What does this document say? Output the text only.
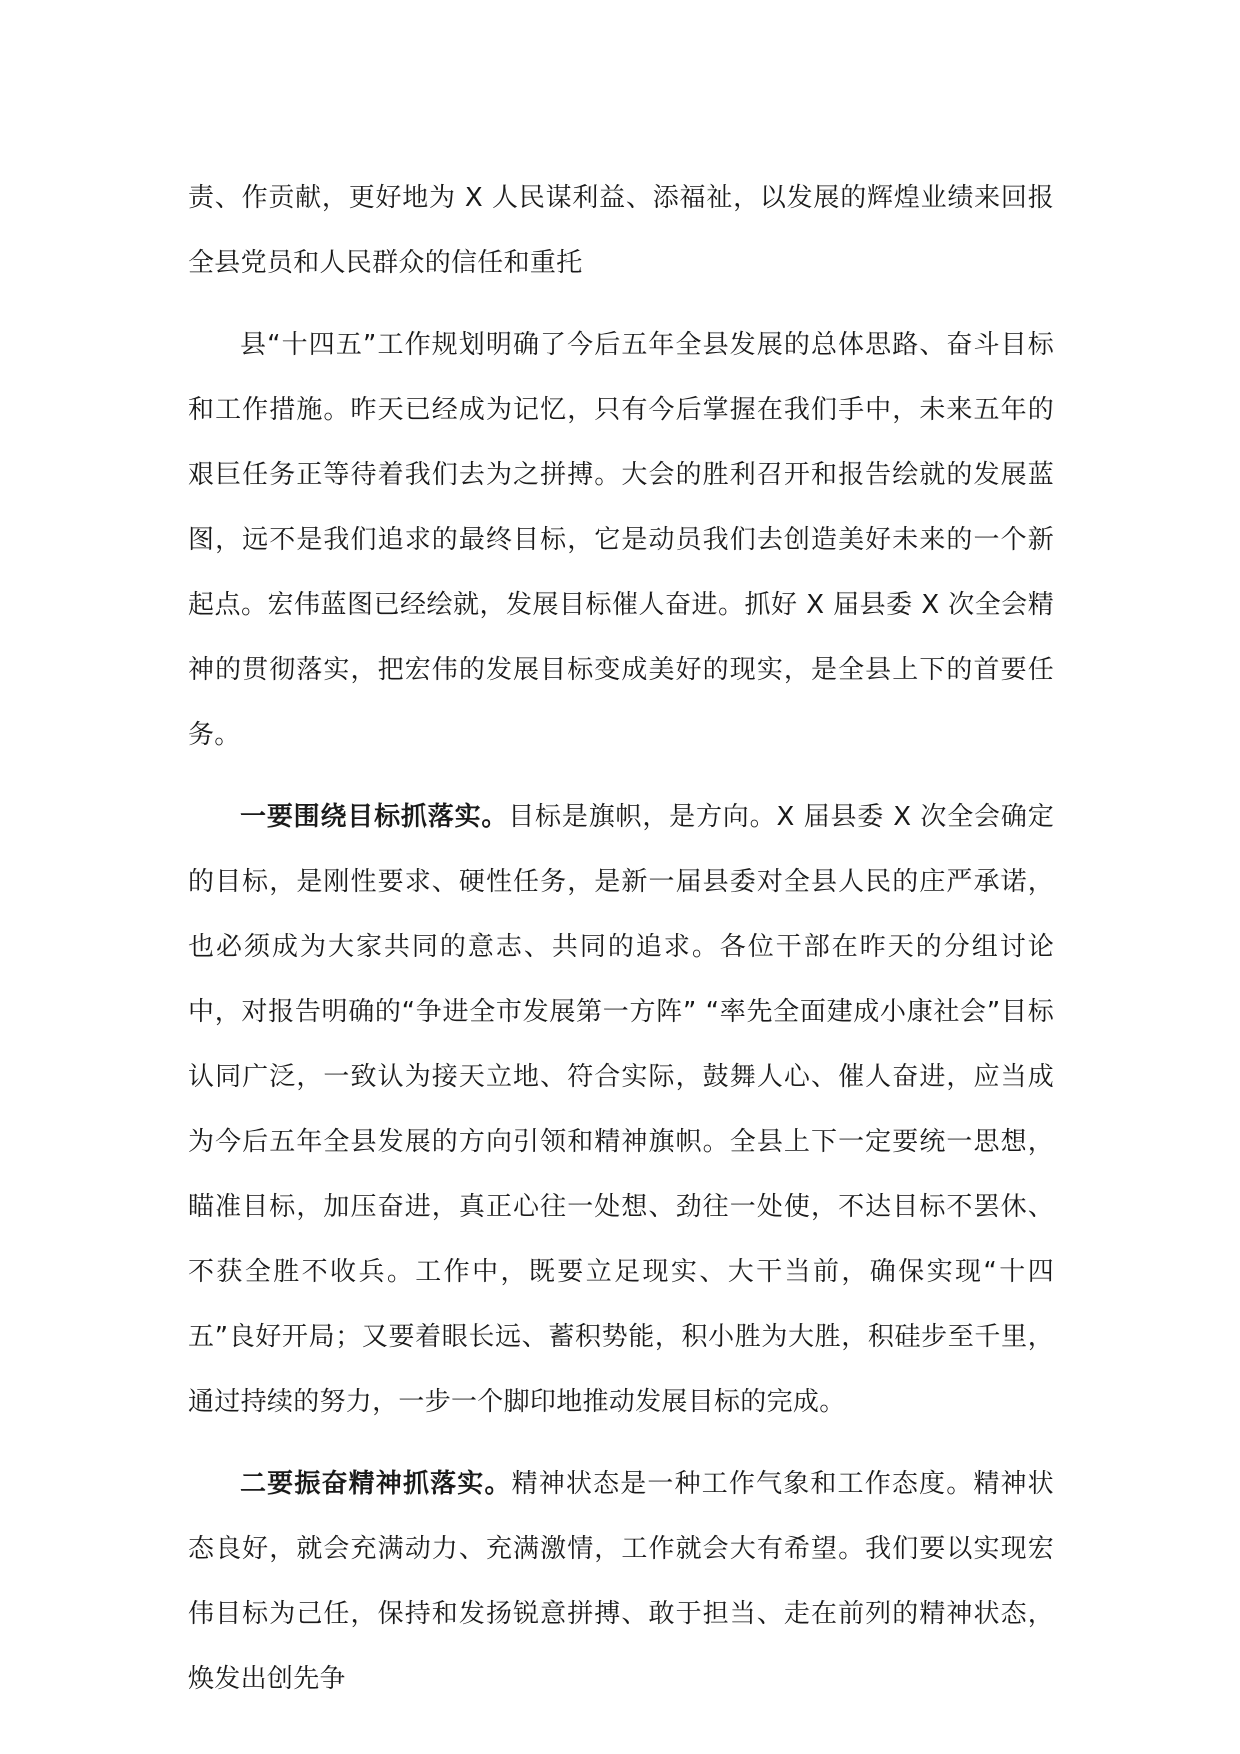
责、作贡献，更好地为 X 人民谋利益、添福祉，以发展的辉煌业绩来回报全县党员和人民群众的信任和重托

县“十四五”工作规划明确了今后五年全县发展的总体思路、奋斗目标和工作措施。昨天已经成为记忆，只有今后掌握在我们手中，未来五年的艰巨任务正等待着我们去为之拼搏。大会的胜利召开和报告绘就的发展蓝图，远不是我们追求的最终目标，它是动员我们去创造美好未来的一个新起点。宏伟蓝图已经绘就，发展目标催人奋进。抓好 X 届县委 X 次全会精神的贯彻落实，把宏伟的发展目标变成美好的现实，是全县上下的首要任务。

一要围绕目标抓落实。目标是旗帜，是方向。X 届县委 X 次全会确定的目标，是刚性要求、硬性任务，是新一届县委对全县人民的庄严承诺，也必须成为大家共同的意志、共同的追求。各位干部在昨天的分组讨论中，对报告明确的“争进全市发展第一方阵” “率先全面建成小康社会”目标认同广泛，一致认为接天立地、符合实际，鼓舞人心、催人奋进，应当成为今后五年全县发展的方向引领和精神旗帜。全县上下一定要统一思想，瞄准目标，加压奋进，真正心往一处想、劲往一处使，不达目标不罢休、不获全胜不收兵。工作中，既要立足现实、大干当前，确保实现“十四五”良好开局；又要着眼长远、蓄积势能，积小胜为大胜，积硅步至千里，通过持续的努力，一步一个脚印地推动发展目标的完成。

二要振奋精神抓落实。精神状态是一种工作气象和工作态度。精神状态良好，就会充满动力、充满激情，工作就会大有希望。我们要以实现宏伟目标为己任，保持和发扬锐意拼搏、敢于担当、走在前列的精神状态，焕发出创先争
